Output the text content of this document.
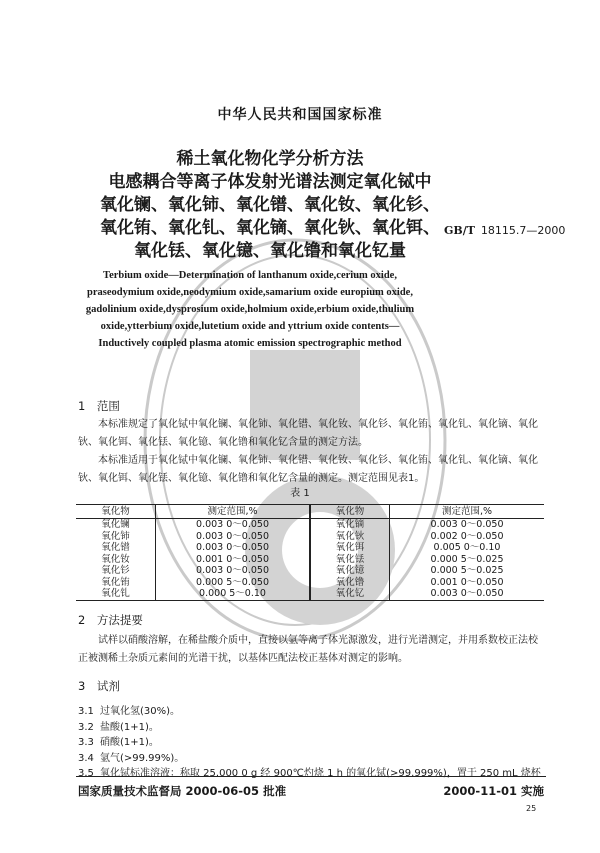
中华人民共和国国家标准
稀土氧化物化学分析方法
电感耦合等离子体发射光谱法测定氧化铽中
氧化镧、氧化铈、氧化镨、氧化钕、氧化钐、
氧化铕、氧化钆、氧化镝、氧化钬、氧化铒、
氧化铥、氧化镱、氧化镥和氧化钇量
GB/T 18115.7—2000
Terbium oxide—Determination of lanthanum oxide,cerium oxide,
praseodymium oxide,neodymium oxide,samarium oxide europium oxide,
gadolinium oxide,dysprosium oxide,holmium oxide,erbium oxide,thulium
oxide,ytterbium oxide,lutetium oxide and yttrium oxide contents—
Inductively coupled plasma atomic emission spectrographic method
1　范围
本标准规定了氧化铽中氧化镧、氧化铈、氧化镨、氧化钕、氧化钐、氧化铕、氧化钆、氧化镝、氧化钬、氧化铒、氧化铥、氧化镱、氧化镥和氧化钇含量的测定方法。
本标准适用于氧化铽中氧化镧、氧化铈、氧化镨、氧化钕、氧化钐、氧化铕、氧化钆、氧化镝、氧化钬、氧化铒、氧化铥、氧化镱、氧化镥和氧化钇含量的测定。测定范围见表1。
表 1
氧化物	测定范围,%	氧化物	测定范围,%
氧化镧	0.003 0～0.050	氧化镝	0.003 0～0.050
氧化铈	0.003 0～0.050	氧化钬	0.002 0～0.050
氧化镨	0.003 0～0.050	氧化铒	0.005 0～0.10
氧化钕	0.001 0～0.050	氧化铥	0.000 5～0.025
氧化钐	0.003 0～0.050	氧化镱	0.000 5～0.025
氧化铕	0.000 5～0.050	氧化镥	0.001 0～0.050
氧化钆	0.000 5～0.10	氧化钇	0.003 0～0.050
2　方法提要
试样以硝酸溶解，在稀盐酸介质中，直接以氩等离子体光源激发，进行光谱测定，并用系数校正法校正被测稀土杂质元素间的光谱干扰，以基体匹配法校正基体对测定的影响。
3　试剂
3.1 过氧化氢(30%)。
3.2 盐酸(1+1)。
3.3 硝酸(1+1)。
3.4 氩气(>99.99%)。
3.5 氧化铽标准溶液：称取 25.000 0 g 经 900℃灼烧 1 h 的氧化铽(>99.999%)，置于 250 mL 烧杯
国家质量技术监督局 2000-06-05 批准	2000-11-01 实施
25
